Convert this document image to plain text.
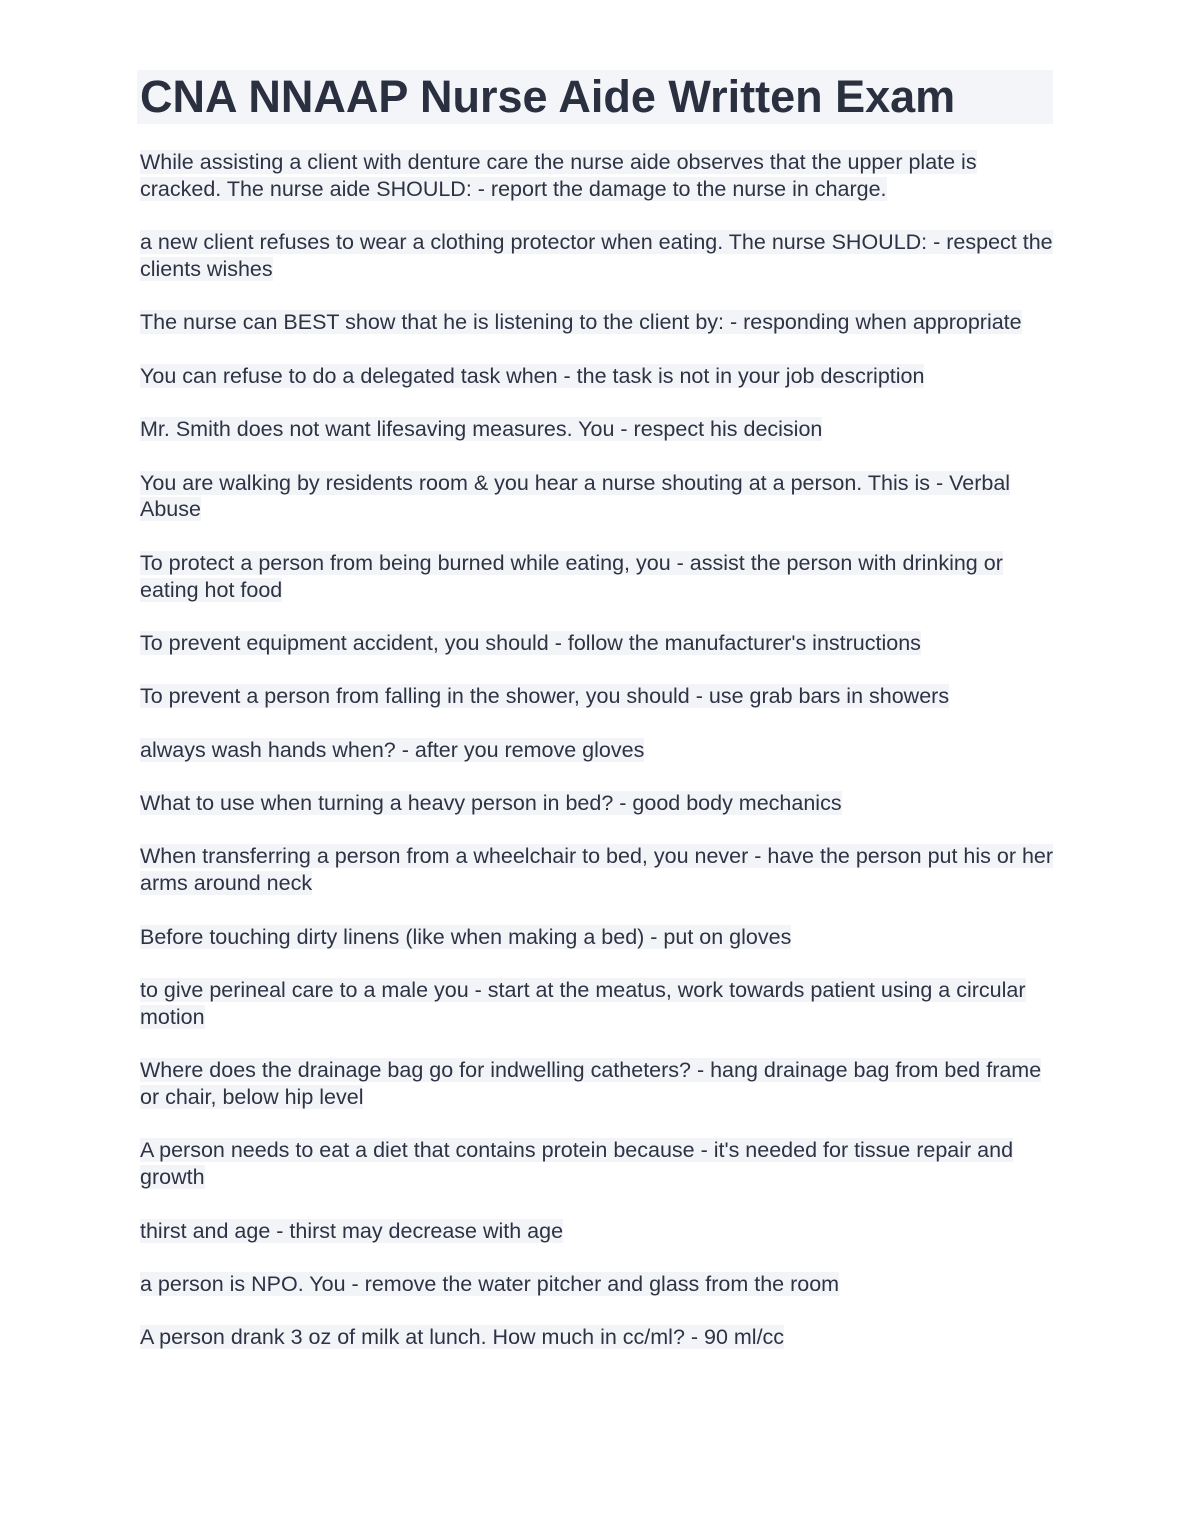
CNA NNAAP Nurse Aide Written Exam
While assisting a client with denture care the nurse aide observes that the upper plate is cracked. The nurse aide SHOULD: - report the damage to the nurse in charge.
a new client refuses to wear a clothing protector when eating. The nurse SHOULD: - respect the clients wishes
The nurse can BEST show that he is listening to the client by: - responding when appropriate
You can refuse to do a delegated task when - the task is not in your job description
Mr. Smith does not want lifesaving measures. You - respect his decision
You are walking by residents room & you hear a nurse shouting at a person. This is - Verbal Abuse
To protect a person from being burned while eating, you - assist the person with drinking or eating hot food
To prevent equipment accident, you should - follow the manufacturer's instructions
To prevent a person from falling in the shower, you should - use grab bars in showers
always wash hands when? - after you remove gloves
What to use when turning a heavy person in bed? - good body mechanics
When transferring a person from a wheelchair to bed, you never - have the person put his or her arms around neck
Before touching dirty linens (like when making a bed) - put on gloves
to give perineal care to a male you - start at the meatus, work towards patient using a circular motion
Where does the drainage bag go for indwelling catheters? - hang drainage bag from bed frame or chair, below hip level
A person needs to eat a diet that contains protein because - it's needed for tissue repair and growth
thirst and age - thirst may decrease with age
a person is NPO. You - remove the water pitcher and glass from the room
A person drank 3 oz of milk at lunch. How much in cc/ml? - 90 ml/cc
